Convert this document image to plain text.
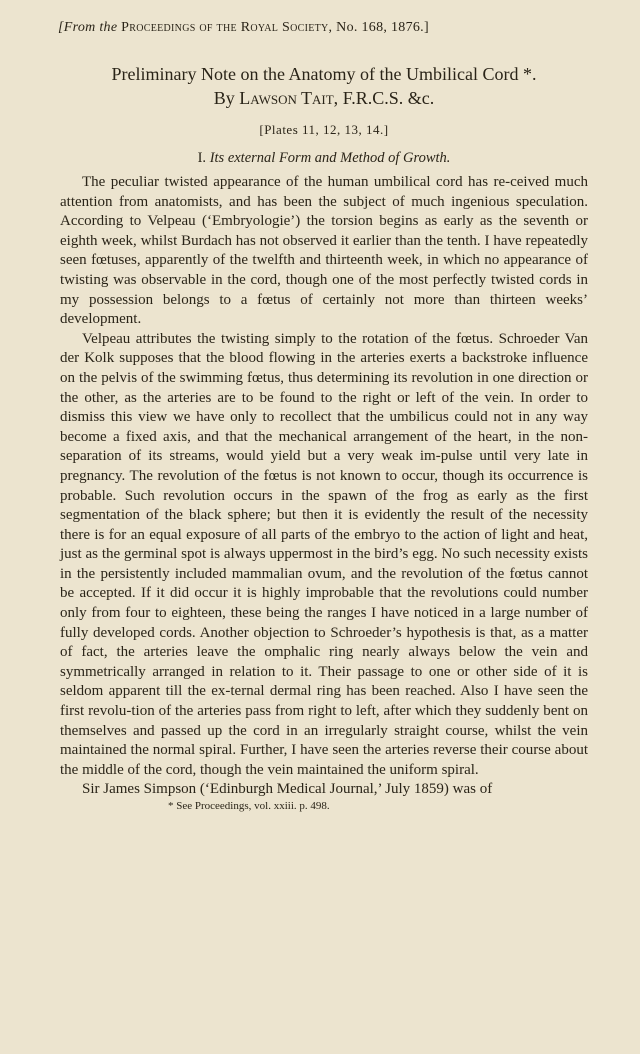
[From the Proceedings of the Royal Society, No. 168, 1876.]
Preliminary Note on the Anatomy of the Umbilical Cord *.
By Lawson Tait, F.R.C.S. &c.
[Plates 11, 12, 13, 14.]
I. Its external Form and Method of Growth.

The peculiar twisted appearance of the human umbilical cord has re-ceived much attention from anatomists, and has been the subject of much ingenious speculation. According to Velpeau (‘Embryologie’) the torsion begins as early as the seventh or eighth week, whilst Burdach has not observed it earlier than the tenth. I have repeatedly seen fœtuses, apparently of the twelfth and thirteenth week, in which no appearance of twisting was observable in the cord, though one of the most perfectly twisted cords in my possession belongs to a fœtus of certainly not more than thirteen weeks’ development.

Velpeau attributes the twisting simply to the rotation of the fœtus. Schroeder Van der Kolk supposes that the blood flowing in the arteries exerts a backstroke influence on the pelvis of the swimming fœtus, thus determining its revolution in one direction or the other, as the arteries are to be found to the right or left of the vein. In order to dismiss this view we have only to recollect that the umbilicus could not in any way become a fixed axis, and that the mechanical arrangement of the heart, in the non-separation of its streams, would yield but a very weak im-pulse until very late in pregnancy. The revolution of the fœtus is not known to occur, though its occurrence is probable. Such revolution occurs in the spawn of the frog as early as the first segmentation of the black sphere; but then it is evidently the result of the necessity there is for an equal exposure of all parts of the embryo to the action of light and heat, just as the germinal spot is always uppermost in the bird’s egg. No such necessity exists in the persistently included mammalian ovum, and the revolution of the fœtus cannot be accepted. If it did occur it is highly improbable that the revolutions could number only from four to eighteen, these being the ranges I have noticed in a large number of fully developed cords. Another objection to Schroeder’s hypothesis is that, as a matter of fact, the arteries leave the omphalic ring nearly always below the vein and symmetrically arranged in relation to it. Their passage to one or other side of it is seldom apparent till the ex-ternal dermal ring has been reached. Also I have seen the first revolu-tion of the arteries pass from right to left, after which they suddenly bent on themselves and passed up the cord in an irregularly straight course, whilst the vein maintained the normal spiral. Further, I have seen the arteries reverse their course about the middle of the cord, though the vein maintained the uniform spiral.

Sir James Simpson (‘Edinburgh Medical Journal,’ July 1859) was of

* See Proceedings, vol. xxiii. p. 498.
